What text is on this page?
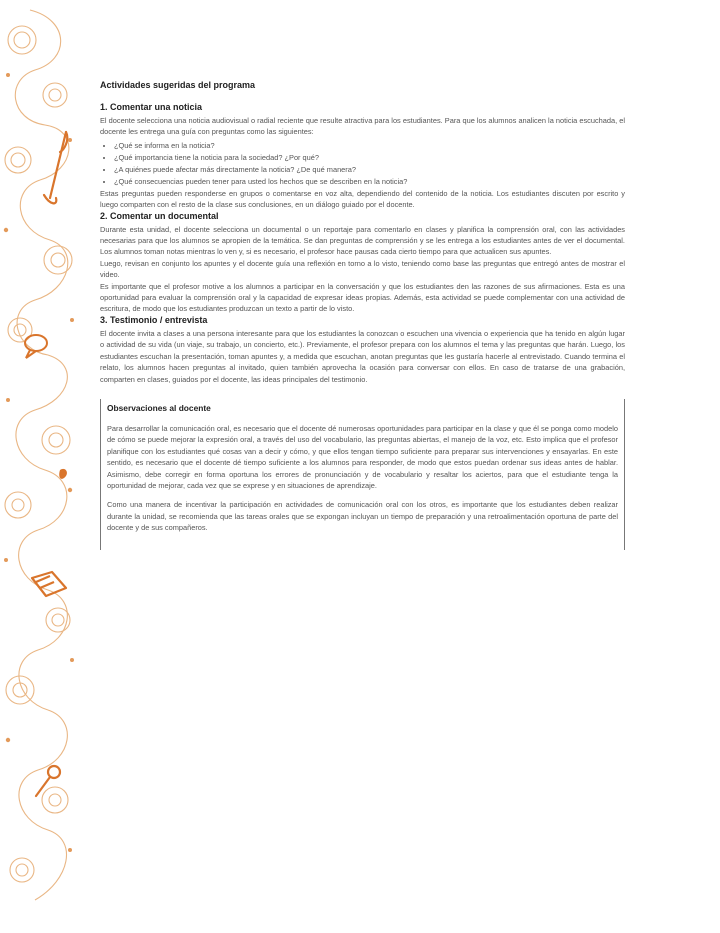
Actividades sugeridas del programa
1. Comentar una noticia

El docente selecciona una noticia audiovisual o radial reciente que resulte atractiva para los estudiantes. Para que los alumnos analicen la noticia escuchada, el docente les entrega una guía con preguntas como las siguientes:

• ¿Qué se informa en la noticia?
• ¿Qué importancia tiene la noticia para la sociedad? ¿Por qué?
• ¿A quiénes puede afectar más directamente la noticia? ¿De qué manera?
• ¿Qué consecuencias pueden tener para usted los hechos que se describen en la noticia?

Estas preguntas pueden responderse en grupos o comentarse en voz alta, dependiendo del contenido de la noticia. Los estudiantes discuten por escrito y luego comparten con el resto de la clase sus conclusiones, en un diálogo guiado por el docente.

2. Comentar un documental

Durante esta unidad, el docente selecciona un documental o un reportaje para comentarlo en clases y planifica la comprensión oral, con las actividades necesarias para que los alumnos se apropien de la temática. Se dan preguntas de comprensión y se les entrega a los estudiantes antes de ver el documental. Los alumnos toman notas mientras lo ven y, si es necesario, el profesor hace pausas cada cierto tiempo para que actualicen sus apuntes.

Luego, revisan en conjunto los apuntes y el docente guía una reflexión en torno a lo visto, teniendo como base las preguntas que entregó antes de mostrar el video.

Es importante que el profesor motive a los alumnos a participar en la conversación y que los estudiantes den las razones de sus afirmaciones. Esta es una oportunidad para evaluar la comprensión oral y la capacidad de expresar ideas propias. Además, esta actividad se puede complementar con una actividad de escritura, de modo que los estudiantes produzcan un texto a partir de lo visto.

3. Testimonio / entrevista

El docente invita a clases a una persona interesante para que los estudiantes la conozcan o escuchen una vivencia o experiencia que ha tenido en algún lugar o actividad de su vida (un viaje, su trabajo, un concierto, etc.). Previamente, el profesor prepara con los alumnos el tema y las preguntas que harán. Luego, los estudiantes escuchan la presentación, toman apuntes y, a medida que escuchan, anotan preguntas que les gustaría hacerle al entrevistado. Cuando termina el relato, los alumnos hacen preguntas al invitado, quien también aprovecha la ocasión para conversar con ellos. En caso de tratarse de una grabación, comparten en clases, guiados por el docente, las ideas principales del testimonio.

Observaciones al docente

Para desarrollar la comunicación oral, es necesario que el docente dé numerosas oportunidades para participar en la clase y que él se ponga como modelo de cómo se puede mejorar la expresión oral, a través del uso del vocabulario, las preguntas abiertas, el manejo de la voz, etc. Esto implica que el profesor planifique con los estudiantes qué cosas van a decir y cómo, y que ellos tengan tiempo suficiente para preparar sus intervenciones y ensayarlas. En este sentido, es necesario que el docente dé tiempo suficiente a los alumnos para responder, de modo que estos puedan ordenar sus ideas antes de hablar. Asimismo, debe corregir en forma oportuna los errores de pronunciación y de vocabulario y resaltar los aciertos, para que el estudiante tenga la oportunidad de mejorar, cada vez que se exprese y en situaciones de aprendizaje.

Como una manera de incentivar la participación en actividades de comunicación oral con los otros, es importante que los estudiantes deben realizar durante la unidad, se recomienda que las tareas orales que se expongan incluyan un tiempo de preparación y una retroalimentación oportuna de parte del docente y de sus compañeros.
